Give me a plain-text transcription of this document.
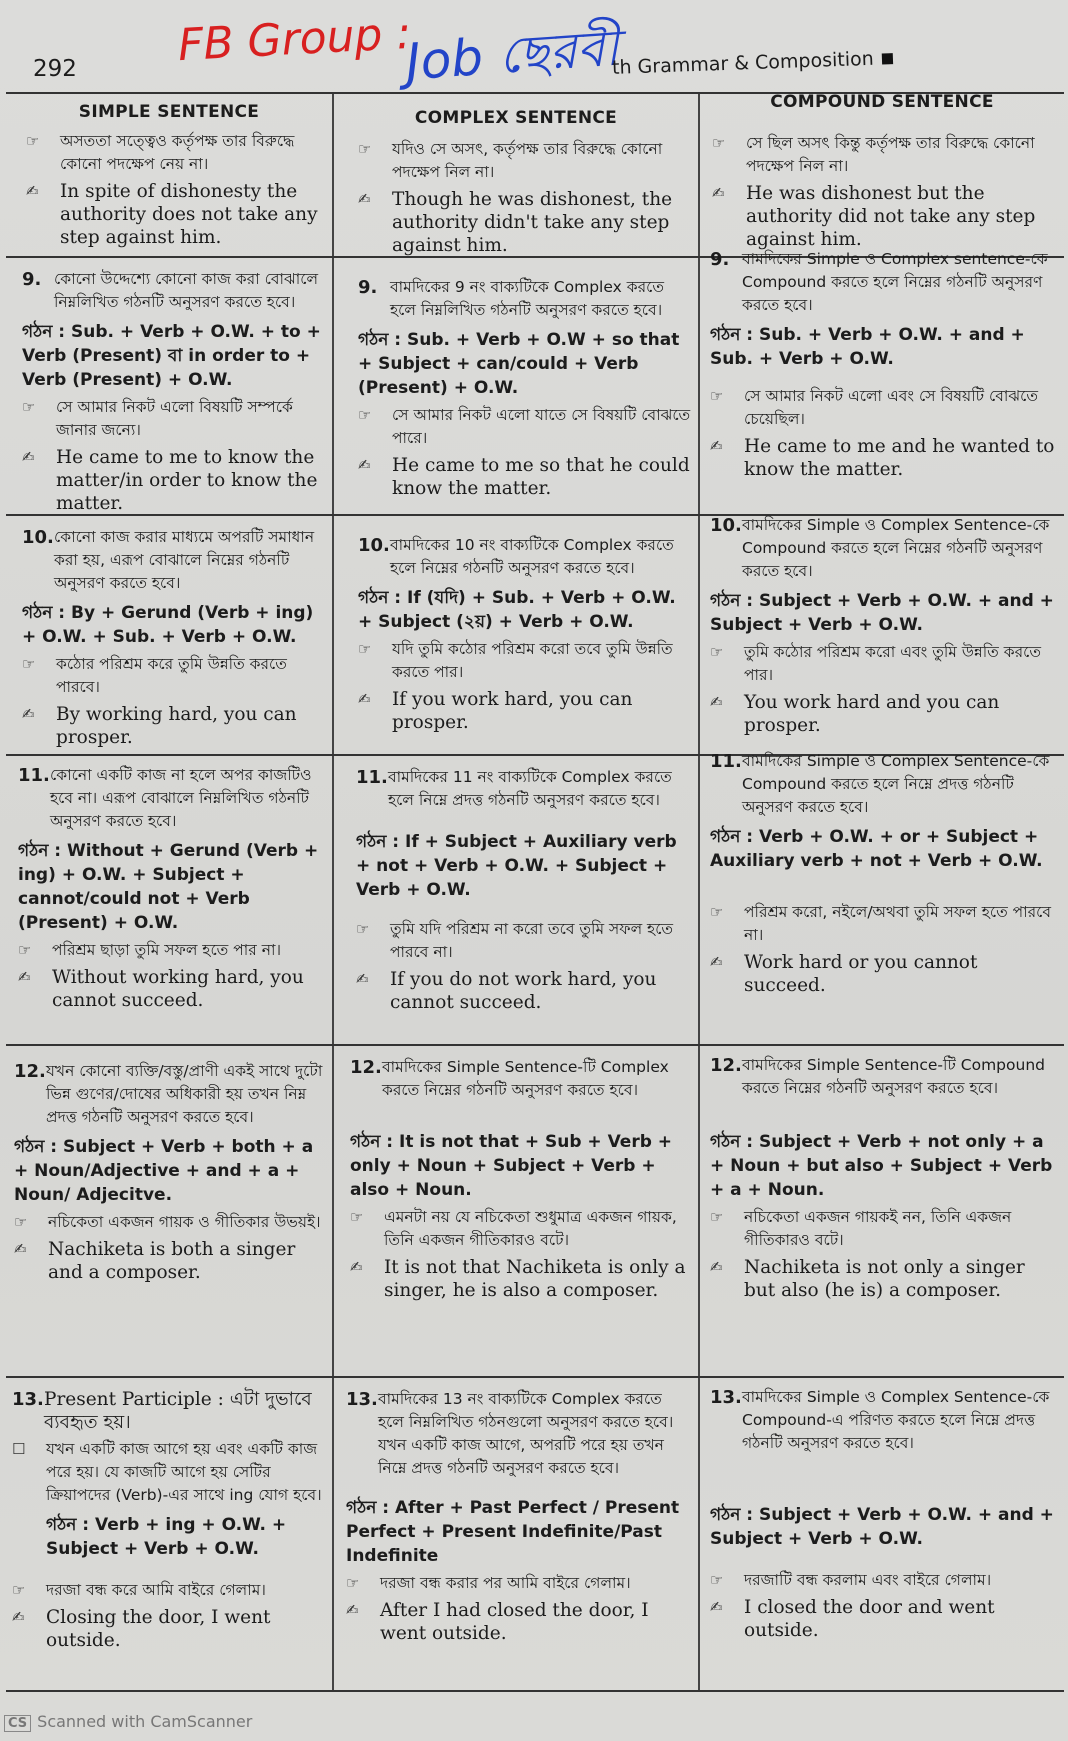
292 FB Group :
Job ছেরবী
th Grammar & Composition
SIMPLE SENTENCE	COMPLEX SENTENCE
COMPOUND SENTENCE
☞
অসততা সত্ত্বেও কর্তৃপক্ষ তার বিরুদ্ধে কোনো পদক্ষেপ নেয় না।
✍
In spite of dishonesty the authority does not take any step against him.
☞
যদিও সে অসৎ, কর্তৃপক্ষ তার বিরুদ্ধে কোনো পদক্ষেপ নিল না।
✍
Though he was dishonest, the authority didn't take any step against him.
☞
সে ছিল অসৎ কিন্তু কর্তৃপক্ষ তার বিরুদ্ধে কোনো পদক্ষেপ নিল না।
✍
He was dishonest but the authority did not take any step against him.
9. কোনো উদ্দেশ্যে কোনো কাজ করা বোঝালে নিম্নলিখিত গঠনটি অনুসরণ করতে হবে।
গঠন : Sub. + Verb + O.W. + to + Verb (Present) বা in order to + Verb (Present) + O.W.
☞
সে আমার নিকট এলো বিষয়টি সম্পর্কে জানার জন্যে।
✍
He came to me to know the matter/in order to know the matter.
9. বামদিকের 9 নং বাক্যটিকে Complex করতে হলে নিম্নলিখিত গঠনটি অনুসরণ করতে হবে।
গঠন : Sub. + Verb + O.W + so that + Subject + can/could + Verb (Present) + O.W.
☞
সে আমার নিকট এলো যাতে সে বিষয়টি বোঝতে পারে।
✍
He came to me so that he could know the matter.
9. বামদিকের Simple ও Complex sentence-কে Compound করতে হলে নিম্নের গঠনটি অনুসরণ করতে হবে।
গঠন : Sub. + Verb + O.W. + and + Sub. + Verb + O.W.
☞
সে আমার নিকট এলো এবং সে বিষয়টি বোঝতে চেয়েছিল।
✍
He came to me and he wanted to know the matter.
10. কোনো কাজ করার মাধ্যমে অপরটি সমাধান করা হয়, এরূপ বোঝালে নিম্নের গঠনটি অনুসরণ করতে হবে।
গঠন : By + Gerund (Verb + ing) + O.W. + Sub. + Verb + O.W.
☞
কঠোর পরিশ্রম করে তুমি উন্নতি করতে পারবে।
✍
By working hard, you can prosper.
10. বামদিকের 10 নং বাক্যটিকে Complex করতে হলে নিম্নের গঠনটি অনুসরণ করতে হবে।
গঠন : If (যদি) + Sub. + Verb + O.W. + Subject (২য়) + Verb + O.W.
☞
যদি তুমি কঠোর পরিশ্রম করো তবে তুমি উন্নতি করতে পার।
✍
If you work hard, you can prosper.
10. বামদিকের Simple ও Complex Sentence-কে Compound করতে হলে নিম্নের গঠনটি অনুসরণ করতে হবে।
গঠন : Subject + Verb + O.W. + and + Subject + Verb + O.W.
☞
তুমি কঠোর পরিশ্রম করো এবং তুমি উন্নতি করতে পার।
✍
You work hard and you can prosper.
11. কোনো একটি কাজ না হলে অপর কাজটিও হবে না। এরূপ বোঝালে নিম্নলিখিত গঠনটি অনুসরণ করতে হবে।
গঠন : Without + Gerund (Verb + ing) + O.W. + Subject + cannot/could not + Verb (Present) + O.W.
☞
পরিশ্রম ছাড়া তুমি সফল হতে পার না।
✍
Without working hard, you cannot succeed.
11. বামদিকের 11 নং বাক্যটিকে Complex করতে হলে নিম্নে প্রদত্ত গঠনটি অনুসরণ করতে হবে।
গঠন : If + Subject + Auxiliary verb + not + Verb + O.W. + Subject + Verb + O.W.
☞
তুমি যদি পরিশ্রম না করো তবে তুমি সফল হতে পারবে না।
✍
If you do not work hard, you cannot succeed.
11. বামদিকের Simple ও Complex Sentence-কে Compound করতে হলে নিম্নে প্রদত্ত গঠনটি অনুসরণ করতে হবে।
গঠন : Verb + O.W. + or + Subject + Auxiliary verb + not + Verb + O.W.
☞
পরিশ্রম করো, নইলে/অথবা তুমি সফল হতে পারবে না।
✍
Work hard or you cannot succeed.
12. যখন কোনো ব্যক্তি/বস্তু/প্রাণী একই সাথে দুটো ভিন্ন গুণের/দোষের অধিকারী হয় তখন নিম্ন প্রদত্ত গঠনটি অনুসরণ করতে হবে।
গঠন : Subject + Verb + both + a + Noun/Adjective + and + a + Noun/ Adjecitve.
☞
নচিকেতা একজন গায়ক ও গীতিকার উভয়ই।
✍
Nachiketa is both a singer and a composer.
12. বামদিকের Simple Sentence-টি Complex করতে নিম্নের গঠনটি অনুসরণ করতে হবে।
গঠন : It is not that + Sub + Verb + only + Noun + Subject + Verb + also + Noun.
☞
এমনটা নয় যে নচিকেতা শুধুমাত্র একজন গায়ক, তিনি একজন গীতিকারও বটে।
✍
It is not that Nachiketa is only a singer, he is also a composer.
12. বামদিকের Simple Sentence-টি Compound করতে নিম্নের গঠনটি অনুসরণ করতে হবে।
গঠন : Subject + Verb + not only + a + Noun + but also + Subject + Verb + a + Noun.
☞
নচিকেতা একজন গায়কই নন, তিনি একজন গীতিকারও বটে।
✍
Nachiketa is not only a singer but also (he is) a composer.
13. Present Participle : এটা দুভাবে ব্যবহৃত হয়।
☐	যখন একটি কাজ আগে হয় এবং একটি কাজ পরে হয়। যে কাজটি আগে হয় সেটির ক্রিয়াপদের (Verb)-এর সাথে ing যোগ হবে।
গঠন : Verb + ing + O.W. + Subject + Verb + O.W.
☞
দরজা বন্ধ করে আমি বাইরে গেলাম।
✍
Closing the door, I went outside.
13. বামদিকের 13 নং বাক্যটিকে Complex করতে হলে নিম্নলিখিত গঠনগুলো অনুসরণ করতে হবে। যখন একটি কাজ আগে, অপরটি পরে হয় তখন নিম্নে প্রদত্ত গঠনটি অনুসরণ করতে হবে।
গঠন : After + Past Perfect / Present Perfect + Present Indefinite/Past Indefinite
☞
দরজা বন্ধ করার পর আমি বাইরে গেলাম।
✍
After I had closed the door, I went outside.
13. বামদিকের Simple ও Complex Sentence-কে Compound-এ পরিণত করতে হলে নিম্নে প্রদত্ত গঠনটি অনুসরণ করতে হবে।
গঠন : Subject + Verb + O.W. + and + Subject + Verb + O.W.
☞
দরজাটি বন্ধ করলাম এবং বাইরে গেলাম।
✍
I closed the door and went outside.
CS Scanned with CamScanner
